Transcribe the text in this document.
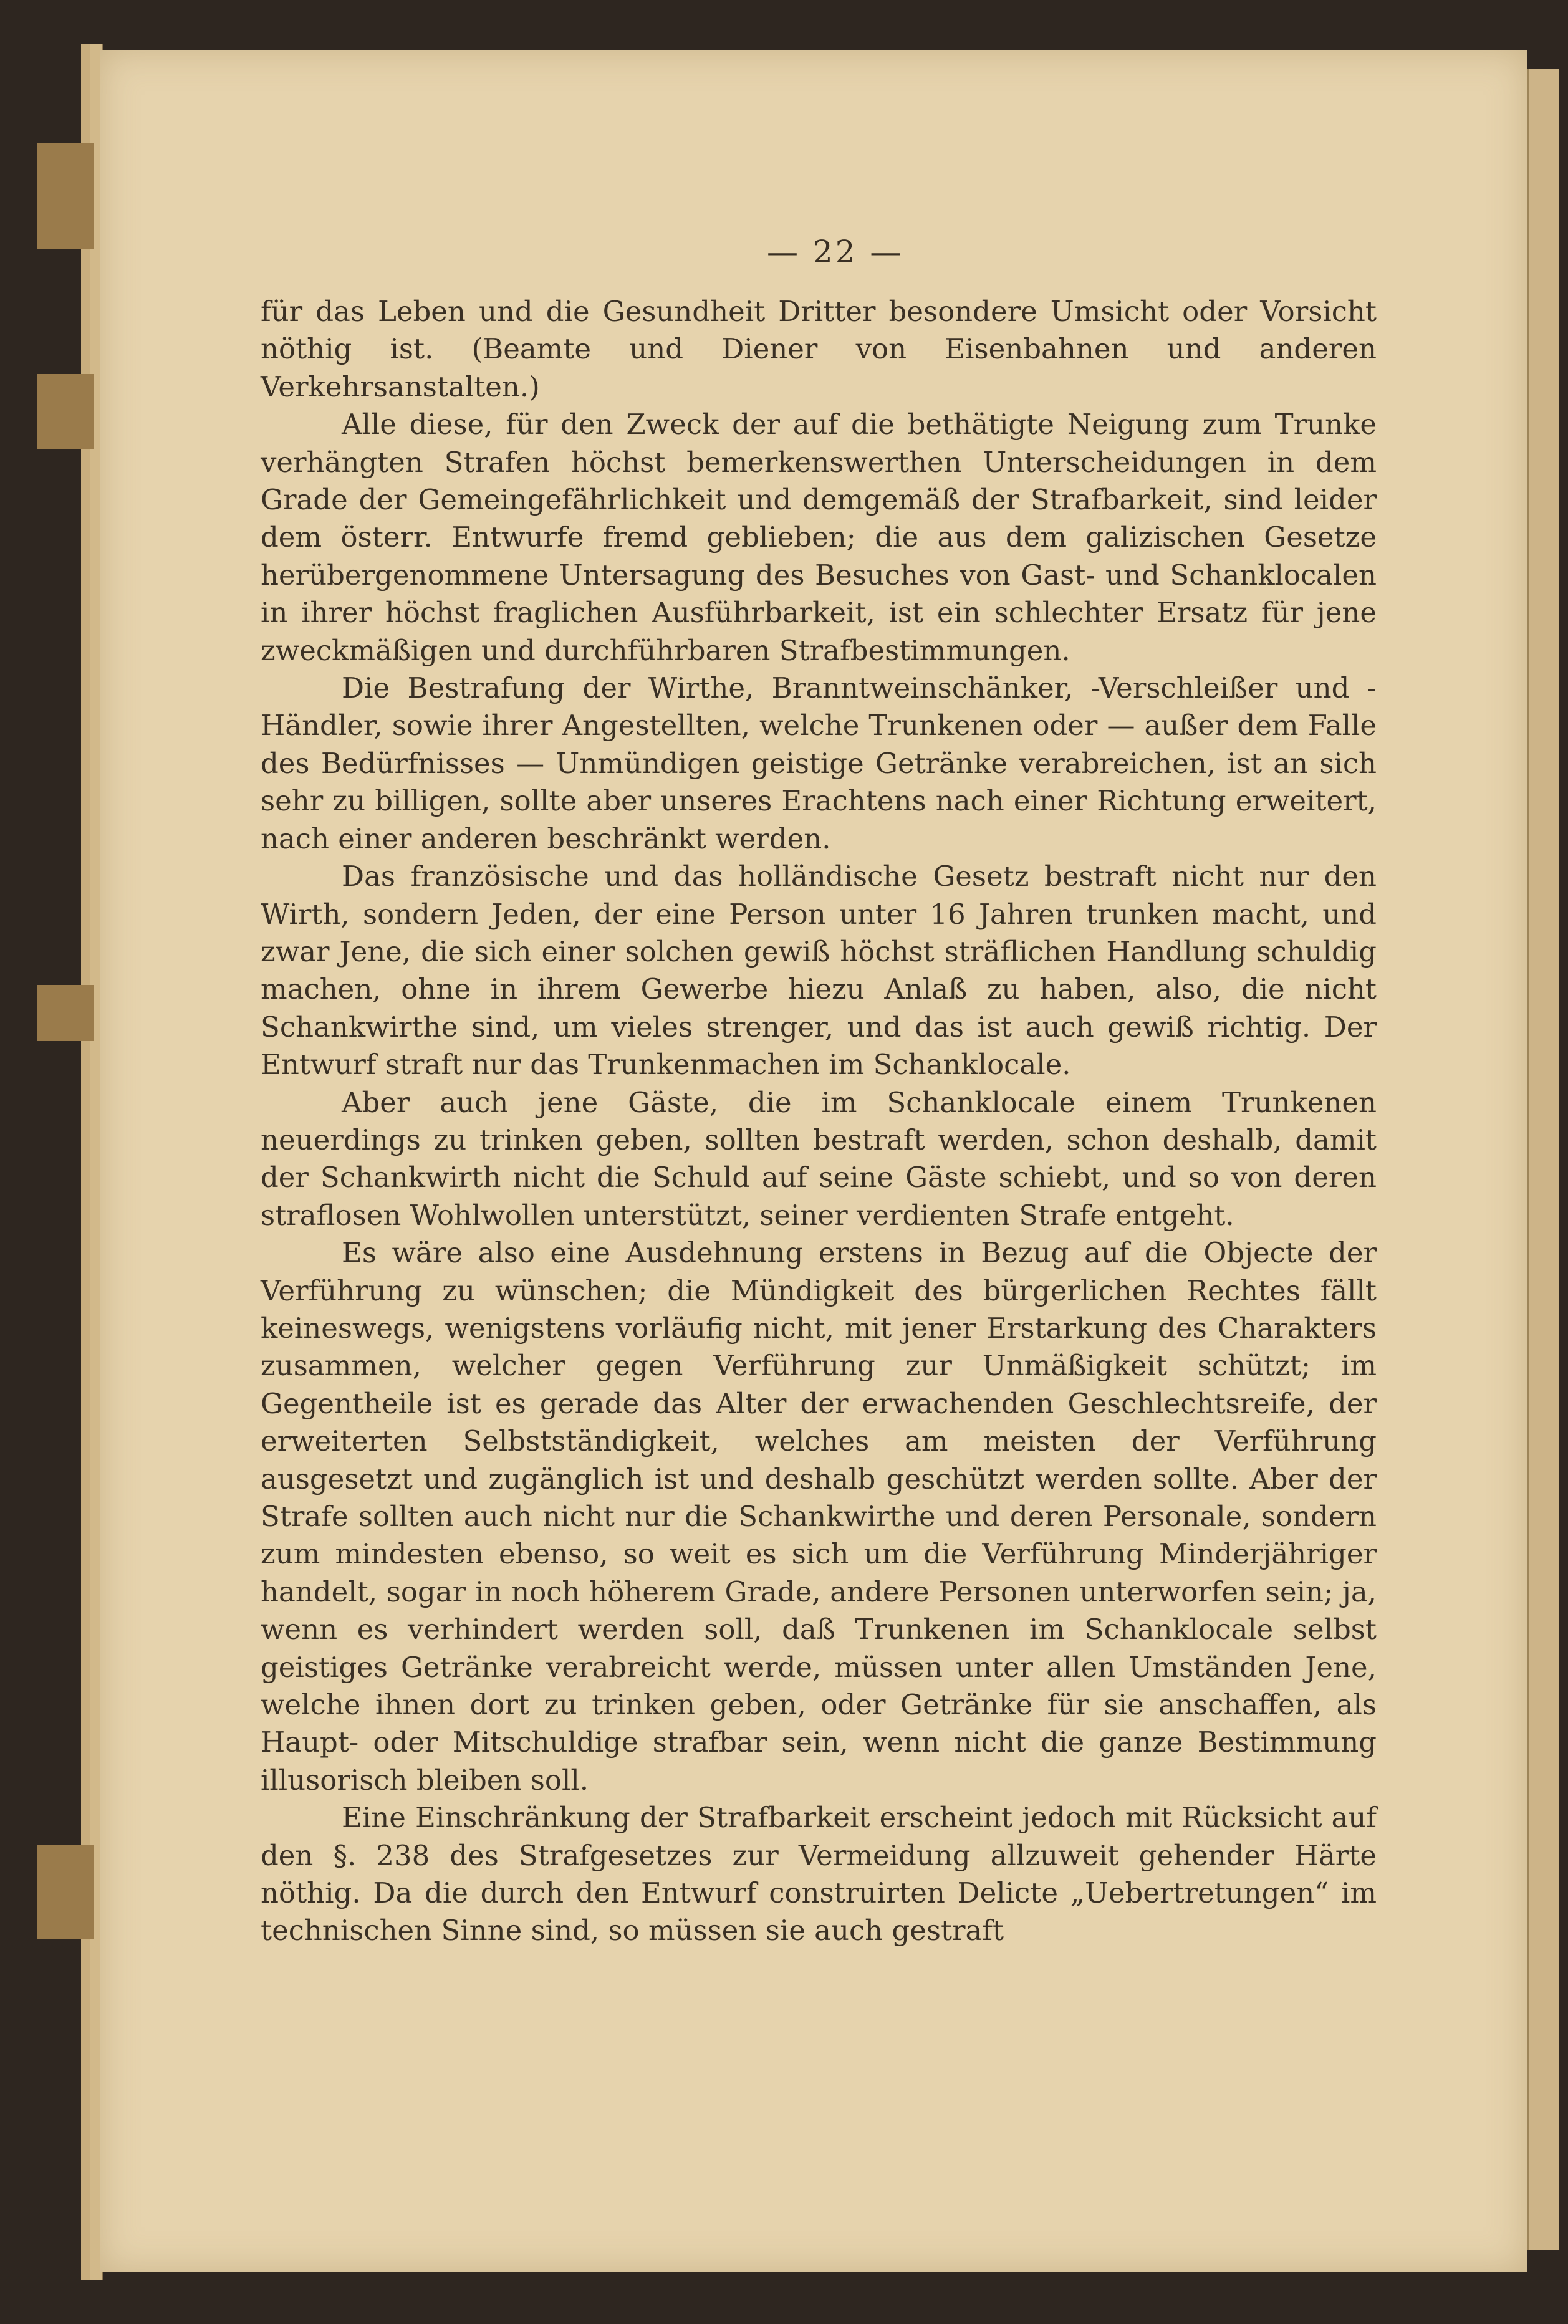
— 22 —

für das Leben und die Gesundheit Dritter besondere Umsicht oder Vorsicht nöthig ist. (Beamte und Diener von Eisenbahnen und anderen Verkehrsanstalten.)

Alle diese, für den Zweck der auf die bethätigte Neigung zum Trunke verhängten Strafen höchst bemerkenswerthen Unterscheidungen in dem Grade der Gemeingefährlichkeit und demgemäß der Strafbarkeit, sind leider dem österr. Entwurfe fremd geblieben; die aus dem galizischen Gesetze herübergenommene Untersagung des Besuches von Gast- und Schanklocalen in ihrer höchst fraglichen Ausführbarkeit, ist ein schlechter Ersatz für jene zweckmäßigen und durchführbaren Strafbestimmungen.

Die Bestrafung der Wirthe, Branntweinschänker, -Verschleißer und -Händler, sowie ihrer Angestellten, welche Trunkenen oder — außer dem Falle des Bedürfnisses — Unmündigen geistige Getränke verabreichen, ist an sich sehr zu billigen, sollte aber unseres Erachtens nach einer Richtung erweitert, nach einer anderen beschränkt werden.

Das französische und das holländische Gesetz bestraft nicht nur den Wirth, sondern Jeden, der eine Person unter 16 Jahren trunken macht, und zwar Jene, die sich einer solchen gewiß höchst sträflichen Handlung schuldig machen, ohne in ihrem Gewerbe hiezu Anlaß zu haben, also, die nicht Schankwirthe sind, um vieles strenger, und das ist auch gewiß richtig. Der Entwurf straft nur das Trunkenmachen im Schanklocale.

Aber auch jene Gäste, die im Schanklocale einem Trunkenen neuerdings zu trinken geben, sollten bestraft werden, schon deshalb, damit der Schankwirth nicht die Schuld auf seine Gäste schiebt, und so von deren straflosen Wohlwollen unterstützt, seiner verdienten Strafe entgeht.

Es wäre also eine Ausdehnung erstens in Bezug auf die Objecte der Verführung zu wünschen; die Mündigkeit des bürgerlichen Rechtes fällt keineswegs, wenigstens vorläufig nicht, mit jener Erstarkung des Charakters zusammen, welcher gegen Verführung zur Unmäßigkeit schützt; im Gegentheile ist es gerade das Alter der erwachenden Geschlechtsreife, der erweiterten Selbstständigkeit, welches am meisten der Verführung ausgesetzt und zugänglich ist und deshalb geschützt werden sollte. Aber der Strafe sollten auch nicht nur die Schankwirthe und deren Personale, sondern zum mindesten ebenso, so weit es sich um die Verführung Minderjähriger handelt, sogar in noch höherem Grade, andere Personen unterworfen sein; ja, wenn es verhindert werden soll, daß Trunkenen im Schanklocale selbst geistiges Getränke verabreicht werde, müssen unter allen Umständen Jene, welche ihnen dort zu trinken geben, oder Getränke für sie anschaffen, als Haupt- oder Mitschuldige strafbar sein, wenn nicht die ganze Bestimmung illusorisch bleiben soll.

Eine Einschränkung der Strafbarkeit erscheint jedoch mit Rücksicht auf den §. 238 des Strafgesetzes zur Vermeidung allzuweit gehender Härte nöthig. Da die durch den Entwurf construirten Delicte „Uebertretungen“ im technischen Sinne sind, so müssen sie auch gestraft
